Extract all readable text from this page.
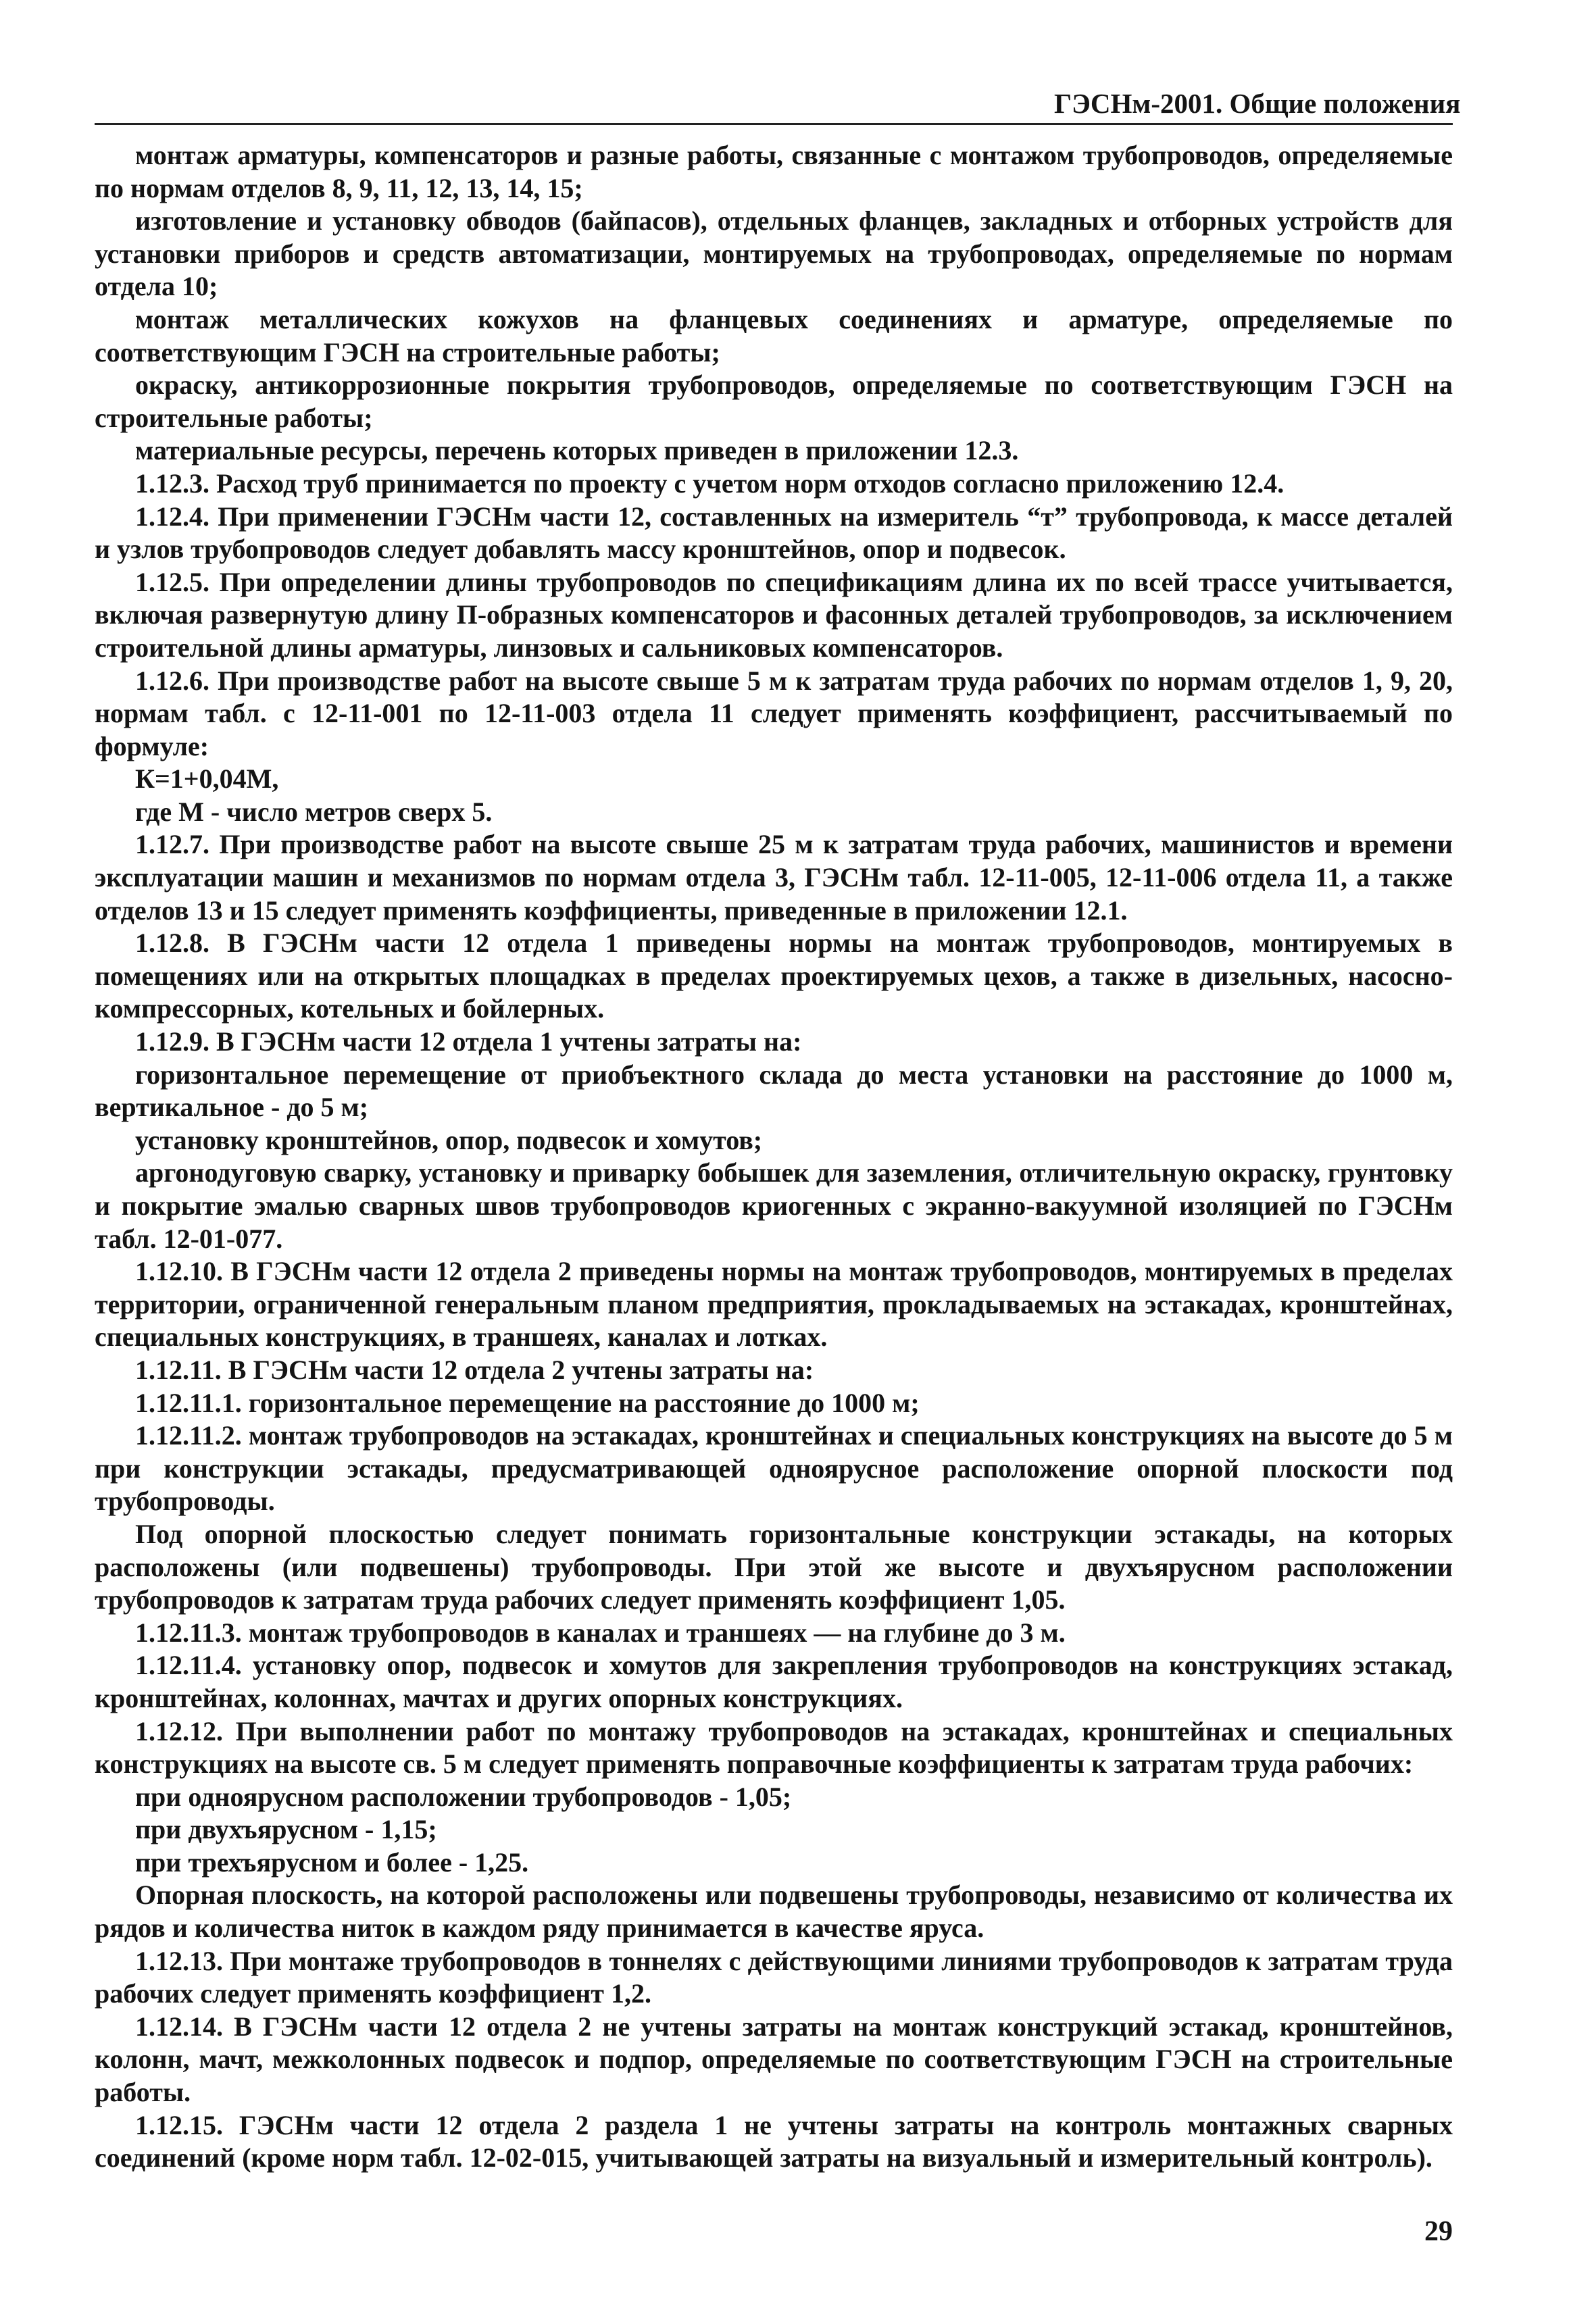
ГЭСНм-2001. Общие положения

монтаж арматуры, компенсаторов и разные работы, связанные с монтажом трубопроводов, определяемые по нормам отделов 8, 9, 11, 12, 13, 14, 15;

изготовление и установку обводов (байпасов), отдельных фланцев, закладных и отборных устройств для установки приборов и средств автоматизации, монтируемых на трубопроводах, определяемые по нормам отдела 10;

монтаж металлических кожухов на фланцевых соединениях и арматуре, определяемые по соответствующим ГЭСН на строительные работы;

окраску, антикоррозионные покрытия трубопроводов, определяемые по соответствующим ГЭСН на строительные работы;

материальные ресурсы, перечень которых приведен в приложении 12.3.

1.12.3. Расход труб принимается по проекту с учетом норм отходов согласно приложению 12.4.

1.12.4. При применении ГЭСНм части 12, составленных на измеритель “т” трубопровода, к массе деталей и узлов трубопроводов следует добавлять массу кронштейнов, опор и подвесок.

1.12.5. При определении длины трубопроводов по спецификациям длина их по всей трассе учитывается, включая развернутую длину П-образных компенсаторов и фасонных деталей трубопроводов, за исключением строительной длины арматуры, линзовых и сальниковых компенсаторов.

1.12.6. При производстве работ на высоте свыше 5 м к затратам труда рабочих по нормам отделов 1, 9, 20, нормам табл. с 12-11-001 по 12-11-003 отдела 11 следует применять коэффициент, рассчитываемый по формуле:

К=1+0,04М,

где М - число метров сверх 5.

1.12.7. При производстве работ на высоте свыше 25 м к затратам труда рабочих, машинистов и времени эксплуатации машин и механизмов по нормам отдела 3, ГЭСНм табл. 12-11-005, 12-11-006 отдела 11, а также отделов 13 и 15 следует применять коэффициенты, приведенные в приложении 12.1.

1.12.8. В ГЭСНм части 12 отдела 1 приведены нормы на монтаж трубопроводов, монтируемых в помещениях или на открытых площадках в пределах проектируемых цехов, а также в дизельных, насосно-компрессорных, котельных и бойлерных.

1.12.9. В ГЭСНм части 12 отдела 1 учтены затраты на:

горизонтальное перемещение от приобъектного склада до места установки на расстояние до 1000 м, вертикальное - до 5 м;

установку кронштейнов, опор, подвесок и хомутов;

аргонодуговую сварку, установку и приварку бобышек для заземления, отличительную окраску, грунтовку и покрытие эмалью сварных швов трубопроводов криогенных с экранно-вакуумной изоляцией по ГЭСНм табл. 12-01-077.

1.12.10. В ГЭСНм части 12 отдела 2 приведены нормы на монтаж трубопроводов, монтируемых в пределах территории, ограниченной генеральным планом предприятия, прокладываемых на эстакадах, кронштейнах, специальных конструкциях, в траншеях, каналах и лотках.

1.12.11. В ГЭСНм части 12 отдела 2 учтены затраты на:

1.12.11.1. горизонтальное перемещение на расстояние до 1000 м;

1.12.11.2. монтаж трубопроводов на эстакадах, кронштейнах и специальных конструкциях на высоте до 5 м при конструкции эстакады, предусматривающей одноярусное расположение опорной плоскости под трубопроводы.

Под опорной плоскостью следует понимать горизонтальные конструкции эстакады, на которых расположены (или подвешены) трубопроводы. При этой же высоте и двухъярусном расположении трубопроводов к затратам труда рабочих следует применять коэффициент 1,05.

1.12.11.3. монтаж трубопроводов в каналах и траншеях — на глубине до 3 м.

1.12.11.4. установку опор, подвесок и хомутов для закрепления трубопроводов на конструкциях эстакад, кронштейнах, колоннах, мачтах и других опорных конструкциях.

1.12.12. При выполнении работ по монтажу трубопроводов на эстакадах, кронштейнах и специальных конструкциях на высоте св. 5 м следует применять поправочные коэффициенты к затратам труда рабочих:

при одноярусном расположении трубопроводов - 1,05;

при двухъярусном - 1,15;

при трехъярусном и более - 1,25.

Опорная плоскость, на которой расположены или подвешены трубопроводы, независимо от количества их рядов и количества ниток в каждом ряду принимается в качестве яруса.

1.12.13. При монтаже трубопроводов в тоннелях с действующими линиями трубопроводов к затратам труда рабочих следует применять коэффициент 1,2.

1.12.14. В ГЭСНм части 12 отдела 2 не учтены затраты на монтаж конструкций эстакад, кронштейнов, колонн, мачт, межколонных подвесок и подпор, определяемые по соответствующим ГЭСН на строительные работы.

1.12.15. ГЭСНм части 12 отдела 2 раздела 1 не учтены затраты на контроль монтажных сварных соединений (кроме норм табл. 12-02-015, учитывающей затраты на визуальный и измерительный контроль).

29
